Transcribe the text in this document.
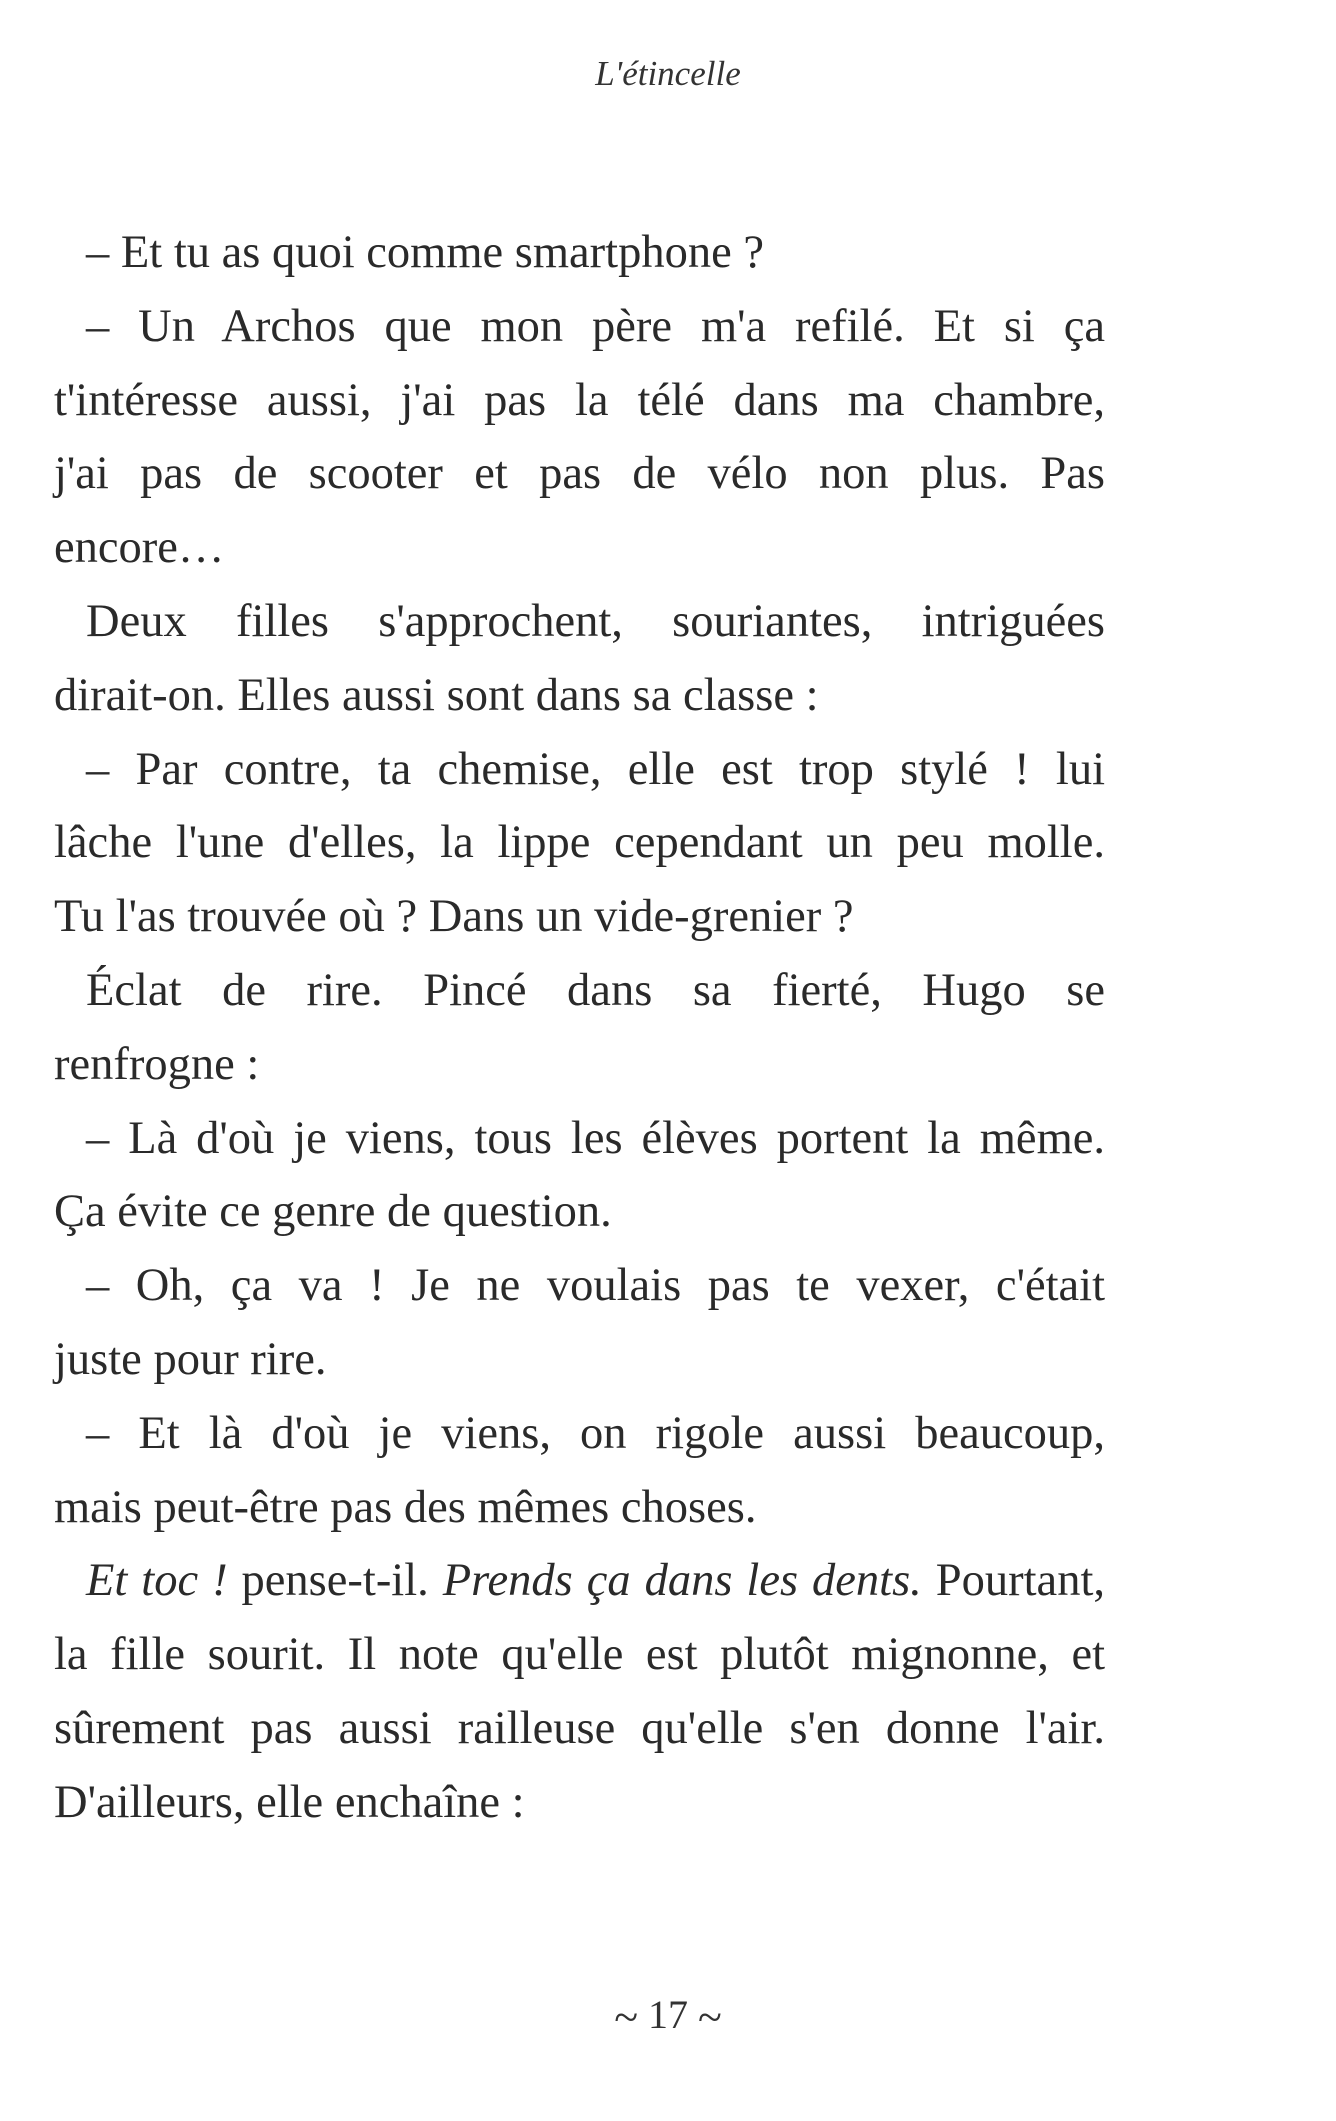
L'étincelle
– Et tu as quoi comme smartphone ?
– Un Archos que mon père m'a refilé. Et si ça
t'intéresse aussi, j'ai pas la télé dans ma chambre,
j'ai pas de scooter et pas de vélo non plus. Pas
encore…
Deux filles s'approchent, souriantes, intriguées
dirait-on. Elles aussi sont dans sa classe :
– Par contre, ta chemise, elle est trop stylé ! lui
lâche l'une d'elles, la lippe cependant un peu molle.
Tu l'as trouvée où ? Dans un vide-grenier ?
Éclat de rire. Pincé dans sa fierté, Hugo se
renfrogne :
– Là d'où je viens, tous les élèves portent la même.
Ça évite ce genre de question.
– Oh, ça va ! Je ne voulais pas te vexer, c'était
juste pour rire.
– Et là d'où je viens, on rigole aussi beaucoup,
mais peut-être pas des mêmes choses.
Et toc ! pense-t-il. Prends ça dans les dents. Pourtant,
la fille sourit. Il note qu'elle est plutôt mignonne, et
sûrement pas aussi railleuse qu'elle s'en donne l'air.
D'ailleurs, elle enchaîne :
~ 17 ~
